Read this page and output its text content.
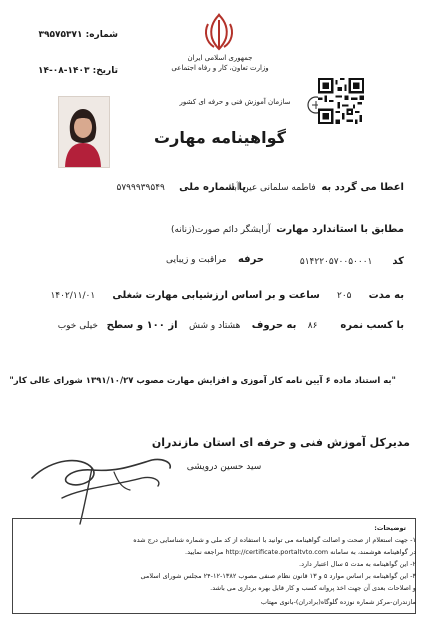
شماره: ۳۹۵۷۵۳۷۱
تاریخ: ۱۴۰۳-۰۸-۱۴
جمهوری اسلامی ایران
وزارت تعاون، کار و رفاه اجتماعی
سازمان آموزش فنی و حرفه ای کشور
گواهینامه مهارت
اعطا می گردد به  فاطمه سلمانی عین آباد
با شماره ملی     ۵۷۹۹۹۳۹۵۴۹
مطابق با استاندارد مهارت  آرایشگر دائم صورت(زنانه)
کد       ۵۱۴۲۲۰۵۷۰۰۵۰۰۰۱
حرفه    مراقبت و زیبایی
به مدت      ۲۰۵      ساعت و بر اساس ارزشیابی مهارت شغلی      ۱۴۰۲/۱۱/۰۱
با کسب نمره        ۸۶    به حروف    هشتاد و شش    از ۱۰۰ و سطح   خیلی خوب
"به استناد ماده ۶ آیین نامه کار آموزی و افزایش مهارت مصوب ۱۳۹۱/۱۰/۲۷ شورای عالی کار"
مدیرکل آموزش فنی و حرفه ای استان مازندران
سید حسین درویشی
توضیحات:
۱- جهت استعلام از صحت و اصالت گواهینامه می توانید با استفاده از کد ملی و شماره شناسایی درج شده
در گواهینامه هوشمند، به سامانه http://certificate.portaltvto.com مراجعه نمایید.
۲- این گواهینامه به مدت ۵ سال اعتبار دارد.
۳- این گواهینامه بر اساس موارد ۵ و ۱۳ قانون نظام صنفی مصوب ۱۳۸۲-۱۲-۲۴ مجلس شورای اسلامی
و اصلاحات بعدی آن جهت اخذ پروانه کسب و کار قابل بهره برداری می باشد.
مازندران-مرکز شماره نوزده گلوگاه(برادران)-بانوی مهتاب
